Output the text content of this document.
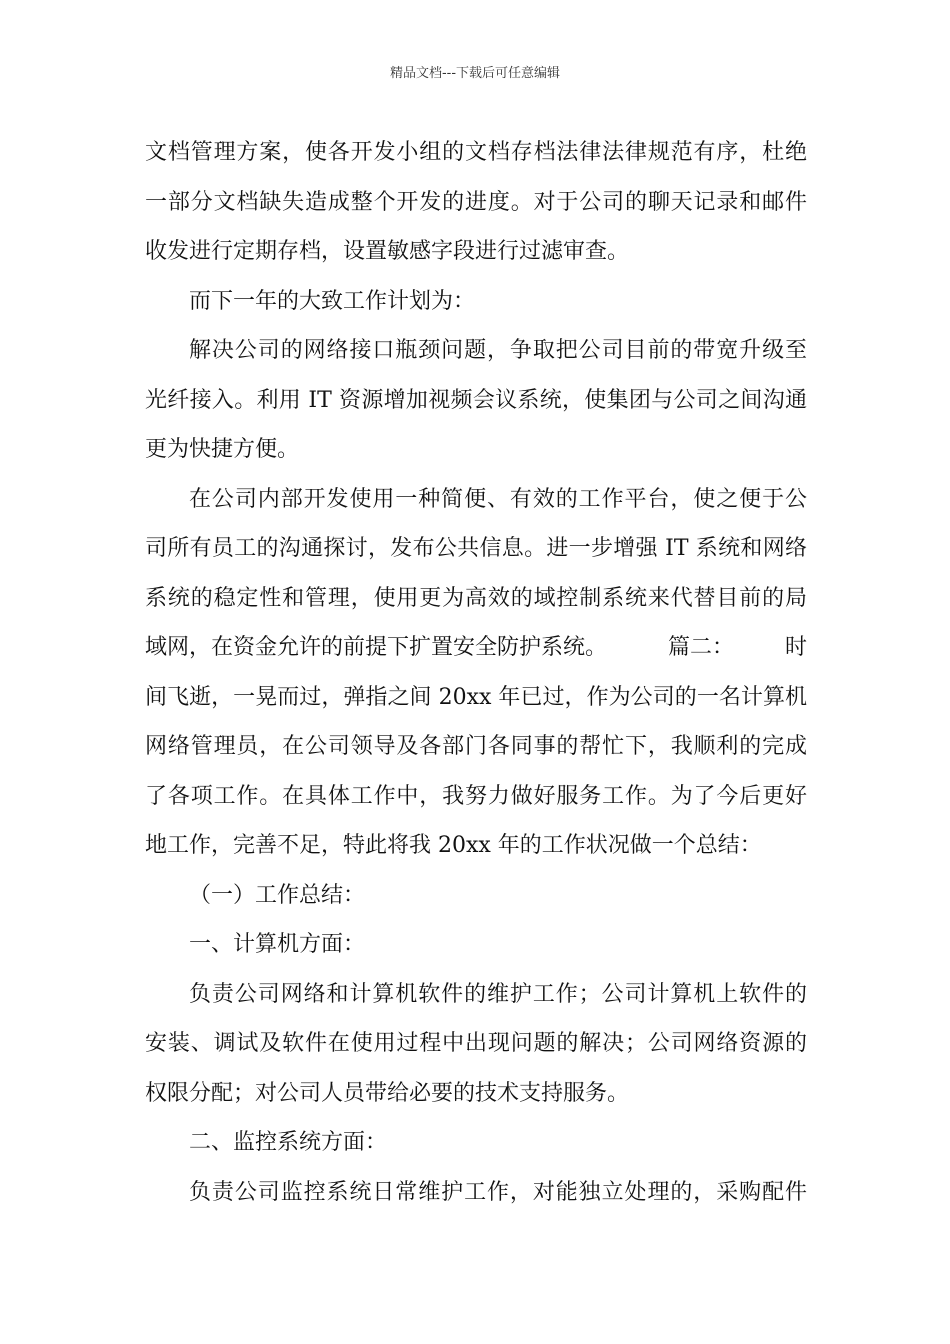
精品文档---下载后可任意编辑
文档管理方案，使各开发小组的文档存档法律法律规范有序，杜绝
一部分文档缺失造成整个开发的进度。对于公司的聊天记录和邮件
收发进行定期存档，设置敏感字段进行过滤审查。
而下一年的大致工作计划为：
解决公司的网络接口瓶颈问题，争取把公司目前的带宽升级至
光纤接入。利用 IT 资源增加视频会议系统，使集团与公司之间沟通
更为快捷方便。
在公司内部开发使用一种简便、有效的工作平台，使之便于公
司所有员工的沟通探讨，发布公共信息。进一步增强 IT 系统和网络
系统的稳定性和管理，使用更为高效的域控制系统来代替目前的局
域网，在资金允许的前提下扩置安全防护系统。	篇二： 时
间飞逝，一晃而过，弹指之间 20xx 年已过，作为公司的一名计算机
网络管理员，在公司领导及各部门各同事的帮忙下，我顺利的完成
了各项工作。在具体工作中，我努力做好服务工作。为了今后更好
地工作，完善不足，特此将我 20xx 年的工作状况做一个总结：
（一）工作总结：
一、计算机方面：
负责公司网络和计算机软件的维护工作；公司计算机上软件的
安装、调试及软件在使用过程中出现问题的解决；公司网络资源的
权限分配；对公司人员带给必要的技术支持服务。
二、监控系统方面：
负责公司监控系统日常维护工作，对能独立处理的，采购配件
